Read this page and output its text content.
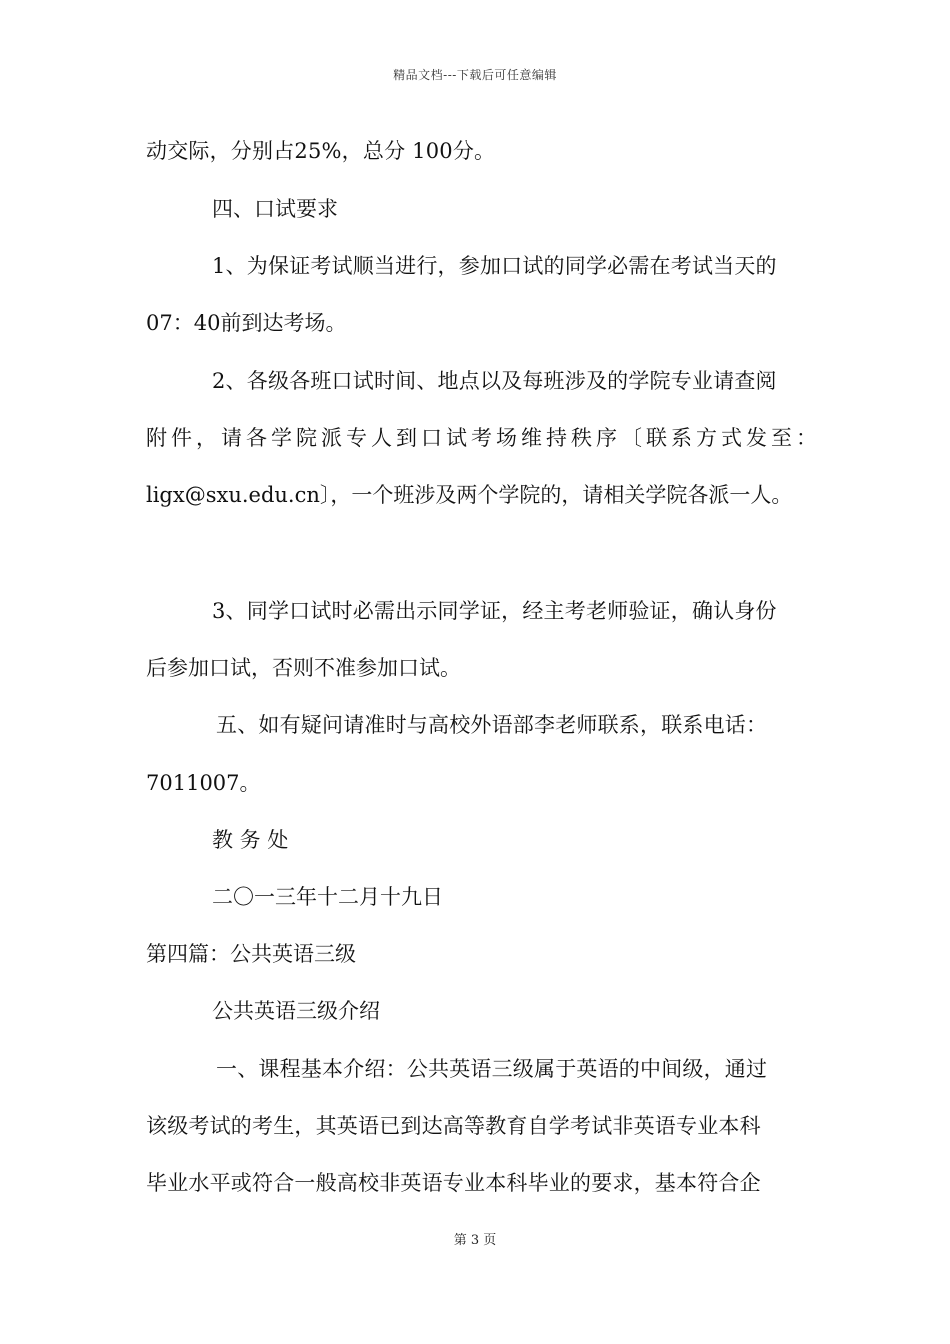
精品文档---下载后可任意编辑
动交际，分别占25%，总分 100分。
四、口试要求
1、为保证考试顺当进行，参加口试的同学必需在考试当天的
07：40前到达考场。
2、各级各班口试时间、地点以及每班涉及的学院专业请查阅
附件，请各学院派专人到口试考场维持秩序〔联系方式发至：
ligx@sxu.edu.cn〕，一个班涉及两个学院的，请相关学院各派一人。
3、同学口试时必需出示同学证，经主考老师验证，确认身份
后参加口试，否则不准参加口试。
五、如有疑问请准时与高校外语部李老师联系，联系电话：
7011007。
教 务 处
二〇一三年十二月十九日
第四篇：公共英语三级
公共英语三级介绍
一、课程基本介绍：公共英语三级属于英语的中间级，通过
该级考试的考生，其英语已到达高等教育自学考试非英语专业本科
毕业水平或符合一般高校非英语专业本科毕业的要求，基本符合企
第 3 页
